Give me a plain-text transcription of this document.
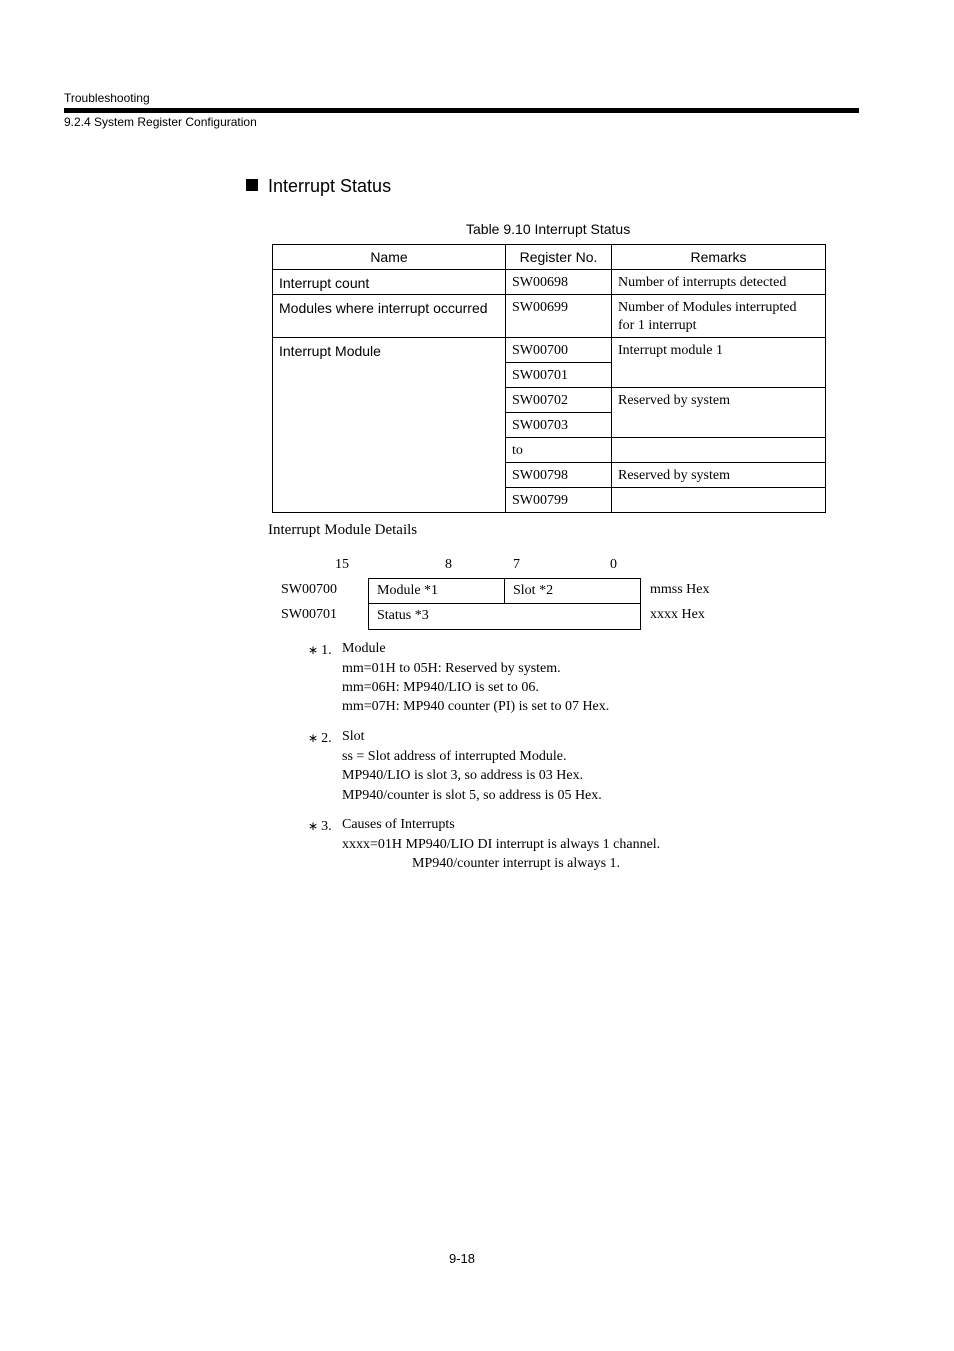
Troubleshooting
9.2.4 System Register Configuration
Interrupt Status
Table 9.10 Interrupt Status
Name	Register No.	Remarks

Interrupt count	SW00698	Number of interrupts detected

Modules where interrupt occurred	SW00699	Number of Modules interrupted
for 1 interrupt

Interrupt Module	SW00700	Interrupt module 1

	SW00701	

	SW00702	Reserved by system

	SW00703	

	to	

	SW00798	Reserved by system

	SW00799	

Interrupt Module Details
15	8	7	0
SW00700	Module *1	Slot *2	mmss Hex
SW00701	Status *3	xxxx Hex
∗ 1. Module
mm=01H to 05H: Reserved by system.
mm=06H: MP940/LIO is set to 06.
mm=07H: MP940 counter (PI) is set to 07 Hex.
∗ 2. Slot
ss = Slot address of interrupted Module.
MP940/LIO is slot 3, so address is 03 Hex.
MP940/counter is slot 5, so address is 05 Hex.
∗ 3. Causes of Interrupts
xxxx=01H MP940/LIO DI interrupt is always 1 channel.
MP940/counter interrupt is always 1.
9-18
